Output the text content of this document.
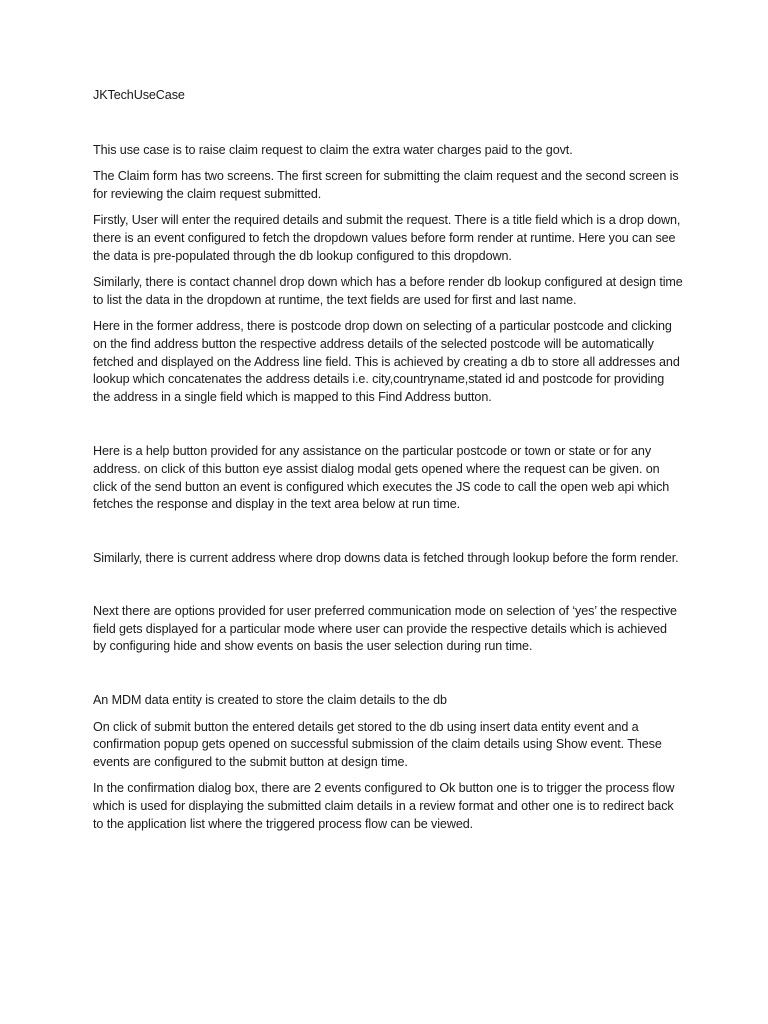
JKTechUseCase

This use case is to raise claim request to claim the extra water charges paid to the govt.

The Claim form has two screens. The first screen for submitting the claim request and the second screen is for reviewing the claim request submitted.

Firstly, User will enter the required details and submit the request. There is a title field which is a drop down, there is an event configured to fetch the dropdown values before form render at runtime. Here you can see the data is pre-populated through the db lookup configured to this dropdown.

Similarly, there is contact channel drop down which has a before render db lookup configured at design time to list the data in the dropdown at runtime, the text fields are used for first and last name.

Here in the former address, there is postcode drop down on selecting of a particular postcode and clicking on the find address button the respective address details of the selected postcode will be automatically fetched and displayed on the Address line field. This is achieved by creating a db to store all addresses and lookup which concatenates the address details i.e. city,countryname,stated id and postcode for providing the address in a single field which is mapped to this Find Address button.

Here is a help button provided for any assistance on the particular postcode or town or state or for any address. on click of this button eye assist dialog modal gets opened where the request can be given. on click of the send button an event is configured which executes the JS code to call the open web api which fetches the response and display in the text area below at run time.

Similarly, there is current address where drop downs data is fetched through lookup before the form render.

Next there are options provided for user preferred communication mode on selection of ‘yes’ the respective field gets displayed for a particular mode where user can provide the respective details which is achieved by configuring hide and show events on basis the user selection during run time.

An MDM data entity is created to store the claim details to the db

On click of submit button the entered details get stored to the db using insert data entity event and a confirmation popup gets opened on successful submission of the claim details using Show event. These events are configured to the submit button at design time.

In the confirmation dialog box, there are 2 events configured to Ok button one is to trigger the process flow which is used for displaying the submitted claim details in a review format and other one is to redirect back to the application list where the triggered process flow can be viewed.
